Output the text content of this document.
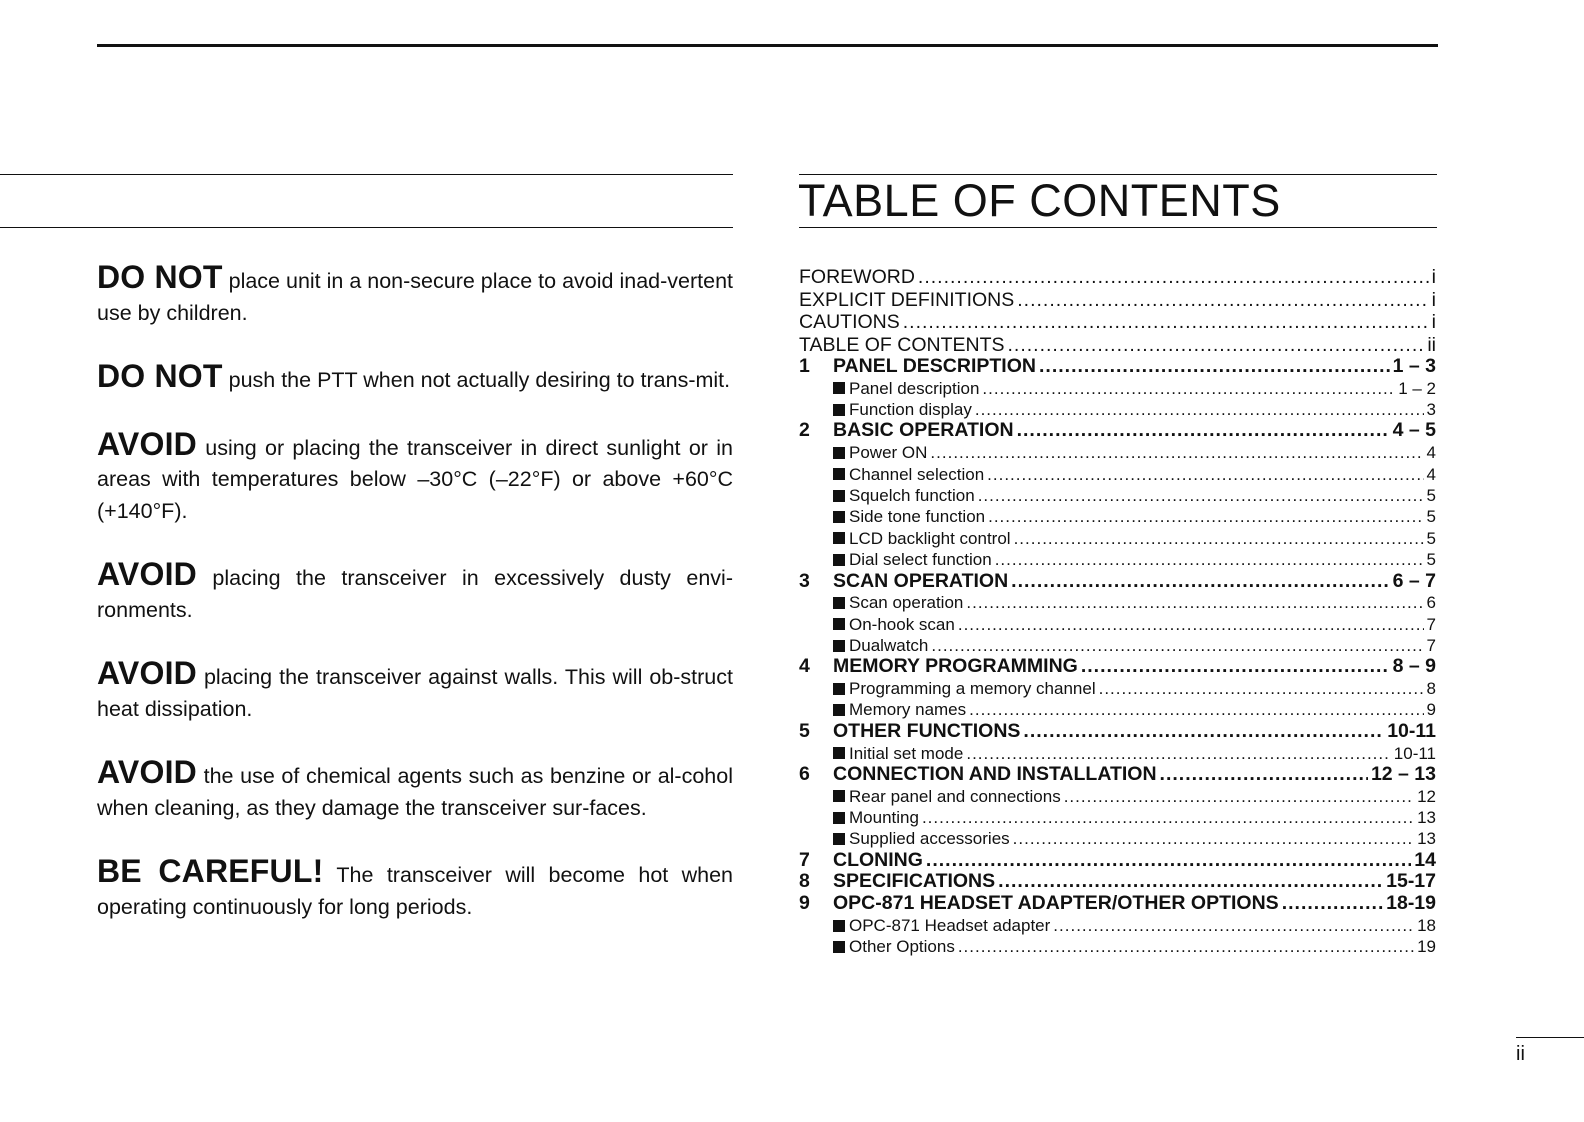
DO NOT place unit in a non-secure place to avoid inad-vertent use by children.

DO NOT push the PTT when not actually desiring to trans-mit.

AVOID using or placing the transceiver in direct sunlight or in areas with temperatures below –30°C (–22°F) or above +60°C (+140°F).

AVOID placing the transceiver in excessively dusty envi-ronments.

AVOID placing the transceiver against walls. This will ob-struct heat dissipation.

AVOID the use of chemical agents such as benzine or al-cohol when cleaning, as they damage the transceiver sur-faces.

BE CAREFUL! The transceiver will become hot when operating continuously for long periods.

TABLE OF CONTENTS
FOREWORD .....	i
EXPLICIT DEFINITIONS .....	i
CAUTIONS .....	i
TABLE OF CONTENTS .....	ii
1	PANEL DESCRIPTION .....	1 – 3
Panel description .....	1 – 2
Function display .....	3
2	BASIC OPERATION .....	4 – 5
Power ON .....	4
Channel selection .....	4
Squelch function .....	5
Side tone function .....	5
LCD backlight control .....	5
Dial select function .....	5
3	SCAN OPERATION .....	6 – 7
Scan operation .....	6
On-hook scan .....	7
Dualwatch .....	7
4	MEMORY PROGRAMMING .....	8 – 9
Programming a memory channel .....	8
Memory names .....	9
5	OTHER FUNCTIONS .....	10-11
Initial set mode .....	10-11
6	CONNECTION AND INSTALLATION .....	12 – 13
Rear panel and connections .....	12
Mounting .....	13
Supplied accessories .....	13
7	CLONING .....	14
8	SPECIFICATIONS .....	15-17
9	OPC-871 HEADSET ADAPTER/OTHER OPTIONS .....	18-19
OPC-871 Headset adapter .....	18
Other Options .....	19
ii
